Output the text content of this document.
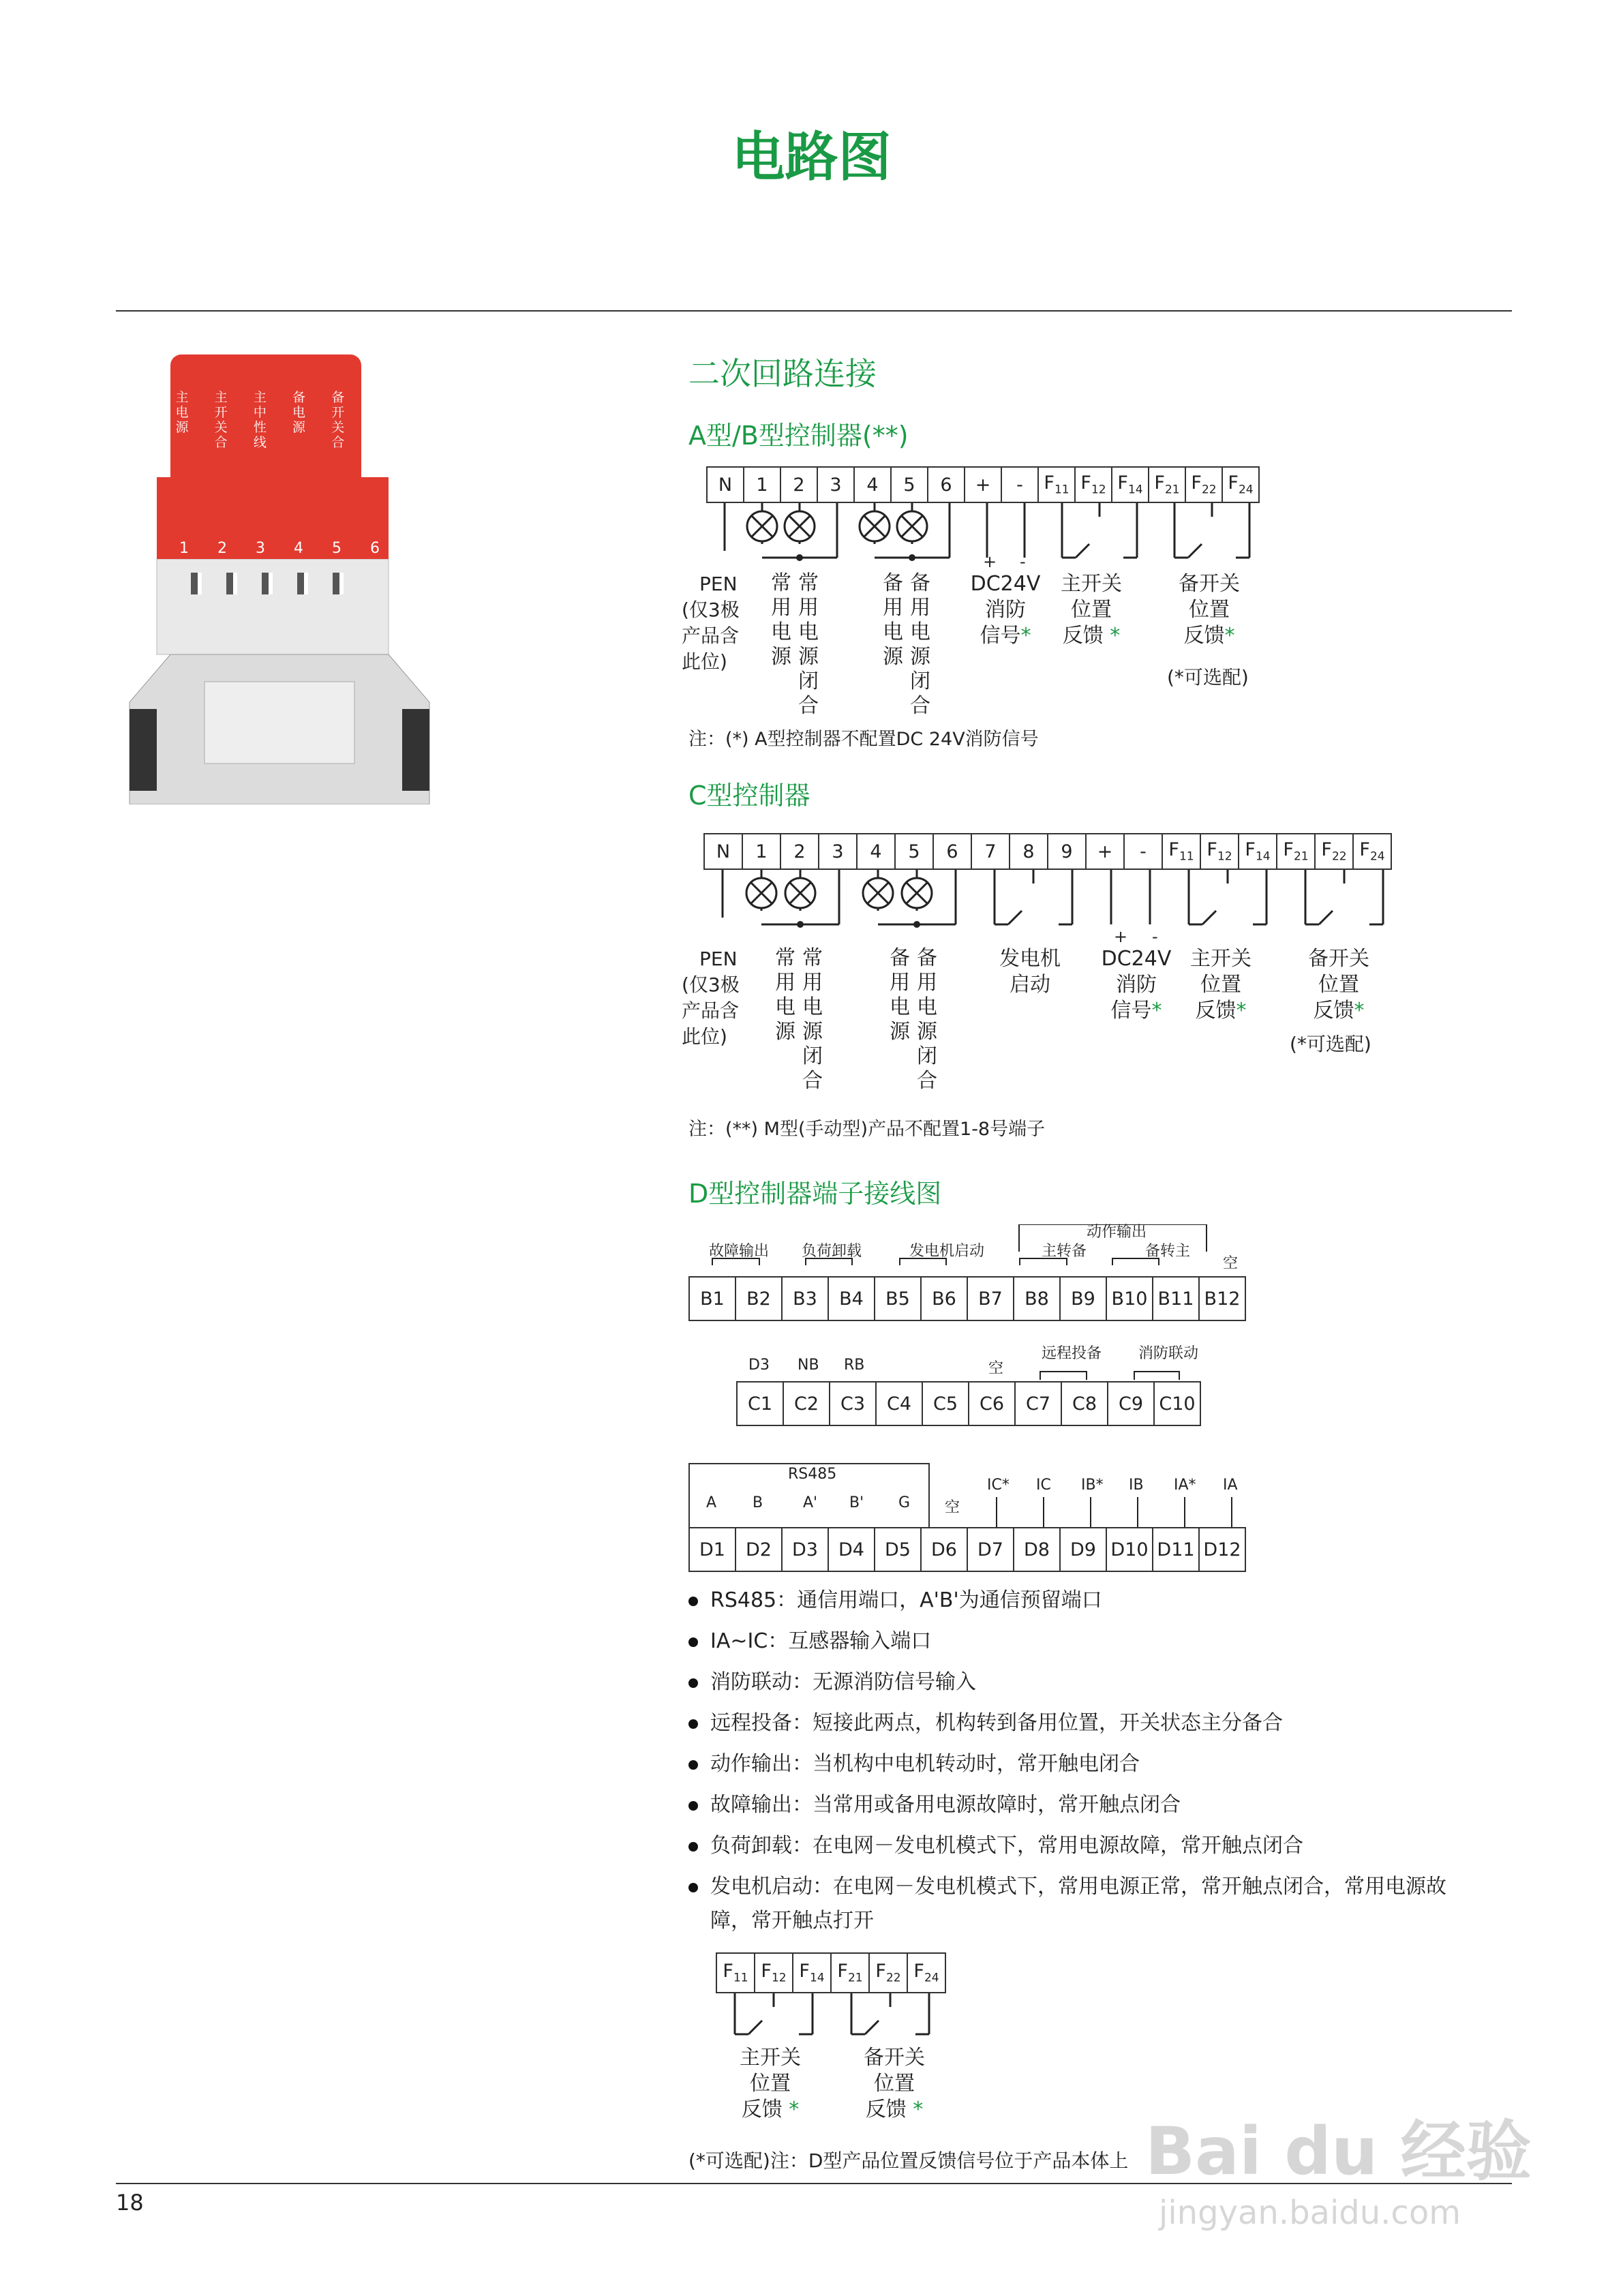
电路图
主电源
主开关合
主中性线
备电源
备开关合
备中性线
1	2	3	4	5	6
二次回路连接
A型/B型控制器(**)
N	1	2	3	4	5	6	+	-	$F_{11}$	$F_{12}$	$F_{14}$	$F_{21}$	$F_{22}$	$F_{24}$
PEN
(仅3极
产品含
此位)
常用电源
常用电源闭合
备用电源
备用电源闭合
+ -
DC24V
消防
信号*
主开关
位置
反馈 *
备开关
位置
反馈*
(*可选配)
注：(*) A型控制器不配置DC 24V消防信号
C型控制器
N	1	2	3	4	5	6	7	8	9	+	-	$F_{11}$	$F_{12}$	$F_{14}$	$F_{21}$	$F_{22}$	$F_{24}$
PEN
(仅3极
产品含
此位)
常用电源
常用电源闭合
备用电源
备用电源闭合
发电机
启动
+ -
DC24V
消防
信号*
主开关
位置
反馈*
备开关
位置
反馈*
(*可选配)
注：(**) M型(手动型)产品不配置1-8号端子
D型控制器端子接线图
故障输出 负荷卸载	发电机启动
动作输出
主转备	备转主
空
B1	B2	B3	B4	B5	B6	B7	B8	B9	B10	B11	B12
D3 NB RB	空
远程投备 消防联动
C1	C2	C3	C4	C5	C6	C7	C8	C9	C10
RS485
A B	A' B' G 空
IC* IC IB* IB IA* IA
D1	D2	D3	D4	D5	D6	D7	D8	D9	D10	D11	D12
RS485：通信用端口，A'B'为通信预留端口
IA~IC：互感器输入端口
消防联动：无源消防信号输入
远程投备：短接此两点，机构转到备用位置，开关状态主分备合
动作输出：当机构中电机转动时，常开触电闭合
故障输出：当常用或备用电源故障时，常开触点闭合
负荷卸载：在电网－发电机模式下，常用电源故障，常开触点闭合
发电机启动：在电网－发电机模式下，常用电源正常，常开触点闭合，常用电源故
障，常开触点打开
$F_{11}$	$F_{12}$	$F_{14}$	$F_{21}$	$F_{22}$	$F_{24}$
主开关
位置
反馈 *
备开关
位置
反馈 *
(*可选配)注：D型产品位置反馈信号位于产品本体上
18
Bai du 经验
jingyan.baidu.com
